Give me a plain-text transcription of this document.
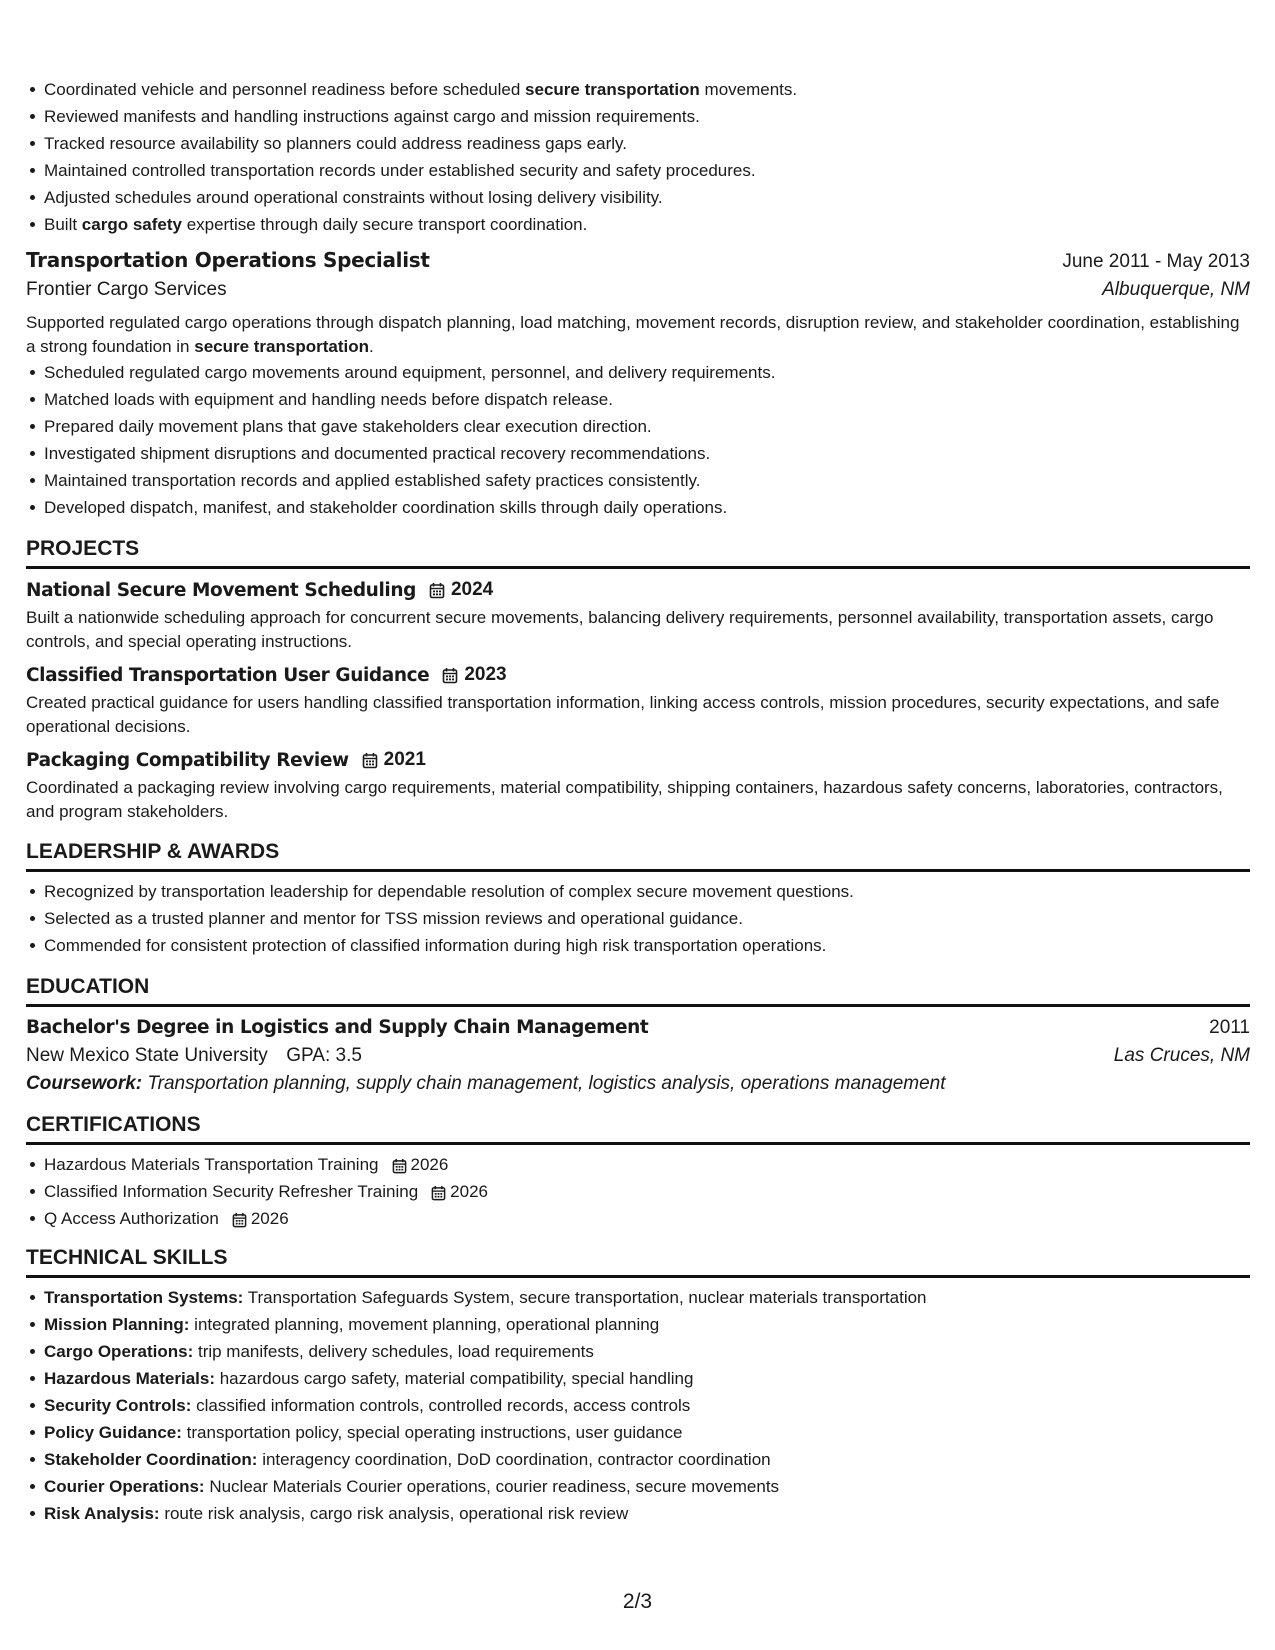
Coordinated vehicle and personnel readiness before scheduled secure transportation movements.
Reviewed manifests and handling instructions against cargo and mission requirements.
Tracked resource availability so planners could address readiness gaps early.
Maintained controlled transportation records under established security and safety procedures.
Adjusted schedules around operational constraints without losing delivery visibility.
Built cargo safety expertise through daily secure transport coordination.
Transportation Operations Specialist	June 2011 - May 2013
Frontier Cargo Services	Albuquerque, NM
Supported regulated cargo operations through dispatch planning, load matching, movement records, disruption review, and stakeholder coordination, establishing a strong foundation in secure transportation.
Scheduled regulated cargo movements around equipment, personnel, and delivery requirements.
Matched loads with equipment and handling needs before dispatch release.
Prepared daily movement plans that gave stakeholders clear execution direction.
Investigated shipment disruptions and documented practical recovery recommendations.
Maintained transportation records and applied established safety practices consistently.
Developed dispatch, manifest, and stakeholder coordination skills through daily operations.
PROJECTS
National Secure Movement Scheduling 2024
Built a nationwide scheduling approach for concurrent secure movements, balancing delivery requirements, personnel availability, transportation assets, cargo controls, and special operating instructions.
Classified Transportation User Guidance 2023
Created practical guidance for users handling classified transportation information, linking access controls, mission procedures, security expectations, and safe operational decisions.
Packaging Compatibility Review 2021
Coordinated a packaging review involving cargo requirements, material compatibility, shipping containers, hazardous safety concerns, laboratories, contractors, and program stakeholders.
LEADERSHIP & AWARDS
Recognized by transportation leadership for dependable resolution of complex secure movement questions.
Selected as a trusted planner and mentor for TSS mission reviews and operational guidance.
Commended for consistent protection of classified information during high risk transportation operations.
EDUCATION
Bachelor's Degree in Logistics and Supply Chain Management	2011
New Mexico State University GPA: 3.5	Las Cruces, NM
Coursework: Transportation planning, supply chain management, logistics analysis, operations management
CERTIFICATIONS
Hazardous Materials Transportation Training 2026
Classified Information Security Refresher Training 2026
Q Access Authorization 2026
TECHNICAL SKILLS
Transportation Systems: Transportation Safeguards System, secure transportation, nuclear materials transportation
Mission Planning: integrated planning, movement planning, operational planning
Cargo Operations: trip manifests, delivery schedules, load requirements
Hazardous Materials: hazardous cargo safety, material compatibility, special handling
Security Controls: classified information controls, controlled records, access controls
Policy Guidance: transportation policy, special operating instructions, user guidance
Stakeholder Coordination: interagency coordination, DoD coordination, contractor coordination
Courier Operations: Nuclear Materials Courier operations, courier readiness, secure movements
Risk Analysis: route risk analysis, cargo risk analysis, operational risk review
2/3
